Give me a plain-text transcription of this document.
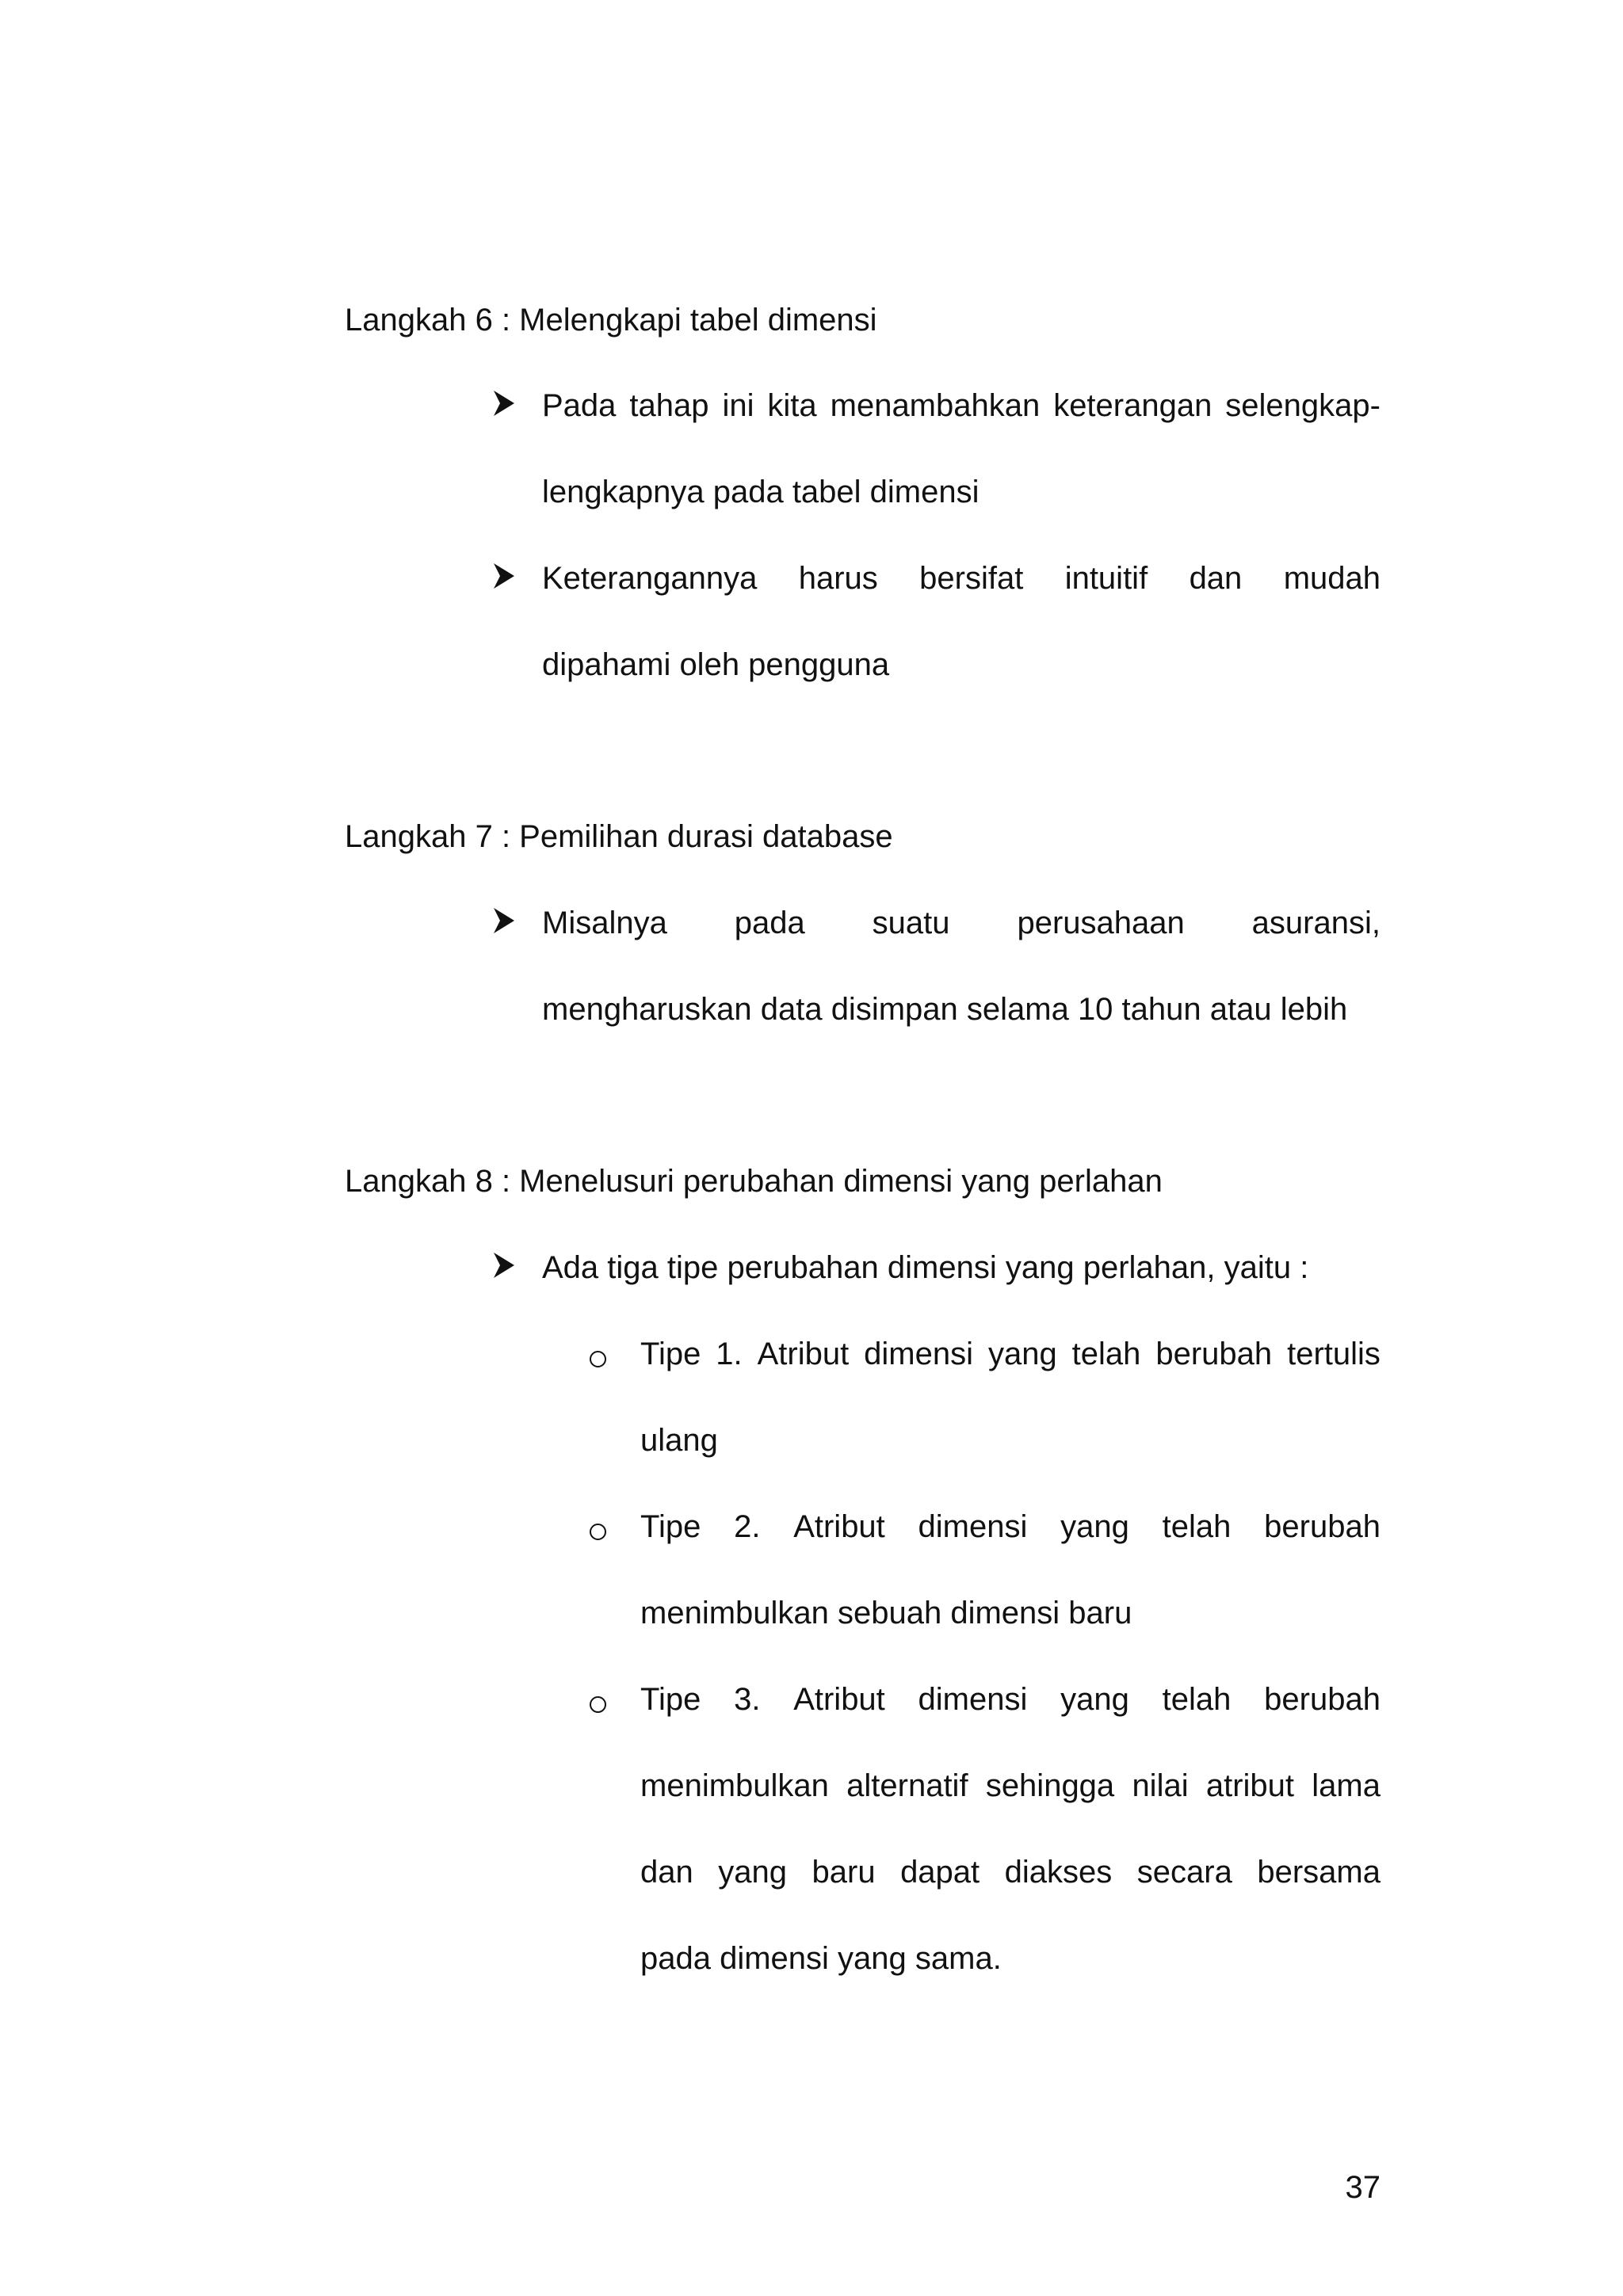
Langkah 6 : Melengkapi tabel dimensi
Pada tahap ini kita menambahkan keterangan selengkap-
lengkapnya pada tabel dimensi
Keterangannya harus bersifat intuitif dan mudah
dipahami oleh pengguna
Langkah 7 : Pemilihan durasi database
Misalnya pada suatu perusahaan asuransi,
mengharuskan data disimpan selama 10 tahun atau lebih
Langkah 8 : Menelusuri perubahan dimensi yang perlahan
Ada tiga tipe perubahan dimensi yang perlahan, yaitu :
Tipe 1. Atribut dimensi yang telah berubah tertulis
ulang
Tipe 2. Atribut dimensi yang telah berubah
menimbulkan sebuah dimensi baru
Tipe 3. Atribut dimensi yang telah berubah
menimbulkan alternatif sehingga nilai atribut lama
dan yang baru dapat diakses secara bersama
pada dimensi yang sama.
37
